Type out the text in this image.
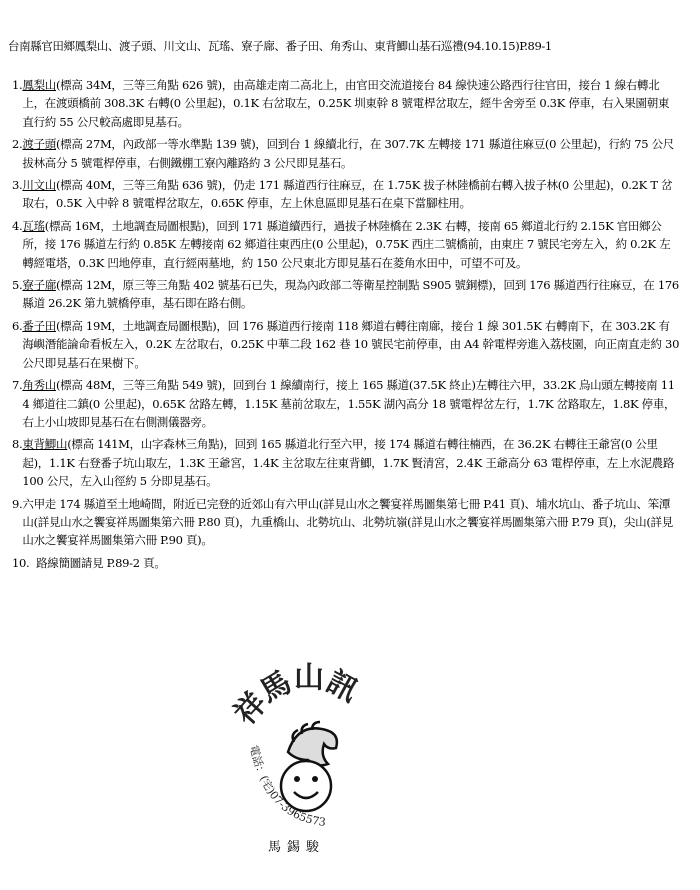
台南縣官田鄉鳳梨山、渡子頭、川文山、瓦瑤、寮子廍、番子田、角秀山、東背鯽山基石巡禮(94.10.15)P.89-1
1. 鳳梨山(標高 34M，三等三角點 626 號)，由高雄走南二高北上，由官田交流道接台 84 線快速公路西行往官田，接台 1 線右轉北上，在渡頭橋前 308.3K 右轉(0 公里起)，0.1K 右岔取左，0.25K 圳東幹 8 號電桿岔取左，經牛舍旁至 0.3K 停車，右入果園朝東直行約 55 公尺較高處即見基石。
2. 渡子頭(標高 27M，內政部一等水準點 139 號)，回到台 1 線續北行，在 307.7K 左轉接 171 縣道往麻豆(0 公里起)，行約 75 公尺拔林高分 5 號電桿停車，右側鐵棚工寮內離路約 3 公尺即見基石。
3. 川文山(標高 40M，三等三角點 636 號)，仍走 171 縣道西行往麻豆，在 1.75K 拔子林陸橋前右轉入拔子林(0 公里起)，0.2K T 岔取右，0.5K 入中幹 8 號電桿岔取左，0.65K 停車，左上休息區即見基石在桌下當腳柱用。
4. 瓦瑤(標高 16M，土地調查局圖根點)，回到 171 縣道續西行，過拔子林陸橋在 2.3K 右轉，接南 65 鄉道北行約 2.15K 官田鄉公所，接 176 縣道左行約 0.85K 左轉接南 62 鄉道往東西庄(0 公里起)，0.75K 西庄二號橋前，由東庄 7 號民宅旁左入，約 0.2K 左轉經電塔，0.3K 凹地停車，直行經兩墓地，約 150 公尺東北方即見基石在菱角水田中，可望不可及。
5. 寮子廍(標高 12M，原三等三角點 402 號基石已失，現為內政部二等衛星控制點 S905 號銅標)，回到 176 縣道西行往麻豆，在 176 縣道 26.2K 第九號橋停車，基石即在路右側。
6. 番子田(標高 19M，土地調查局圖根點)，回 176 縣道西行接南 118 鄉道右轉往南廍，接台 1 線 301.5K 右轉南下，在 303.2K 有海嶼潛能論命看板左入，0.2K 左岔取右，0.25K 中華二段 162 巷 10 號民宅前停車，由 A4 幹電桿旁進入荔枝園，向正南直走約 30 公尺即見基石在果樹下。
7. 角秀山(標高 48M，三等三角點 549 號)，回到台 1 線續南行，接上 165 縣道(37.5K 終止)左轉往六甲，33.2K 烏山頭左轉接南 114 鄉道往二鎮(0 公里起)，0.65K 岔路左轉，1.15K 墓前岔取左，1.55K 湖內高分 18 號電桿岔左行，1.7K 岔路取左，1.8K 停車，右上小山坡即見基石在右側測儀器旁。
8. 東背鯽山(標高 141M，山字森林三角點)，回到 165 縣道北行至六甲，接 174 縣道右轉往楠西，在 36.2K 右轉往王爺宮(0 公里起)，1.1K 右登番子坑山取左，1.3K 王爺宮，1.4K 主岔取左往東背鯽，1.7K 賢清宮，2.4K 王爺高分 63 電桿停車，左上水泥農路 100 公尺，左入山徑約 5 分即見基石。
9. 六甲走 174 縣道至土地崎間，附近已完登的近郊山有六甲山(詳見山水之饗宴祥馬圖集第七冊 P.41 頁)、埔水坑山、番子坑山、笨潭山(詳見山水之饗宴祥馬圖集第六冊 P.80 頁)，九重橋山、北勢坑山、北勢坑嶺(詳見山水之饗宴祥馬圖集第六冊 P.79 頁)，尖山(詳見山水之饗宴祥馬圖集第六冊 P.90 頁)。
10. 路線簡圖請見 P.89-2 頁。
祥馬山訊
電話：(宅)07-3965573
馬錫駿
